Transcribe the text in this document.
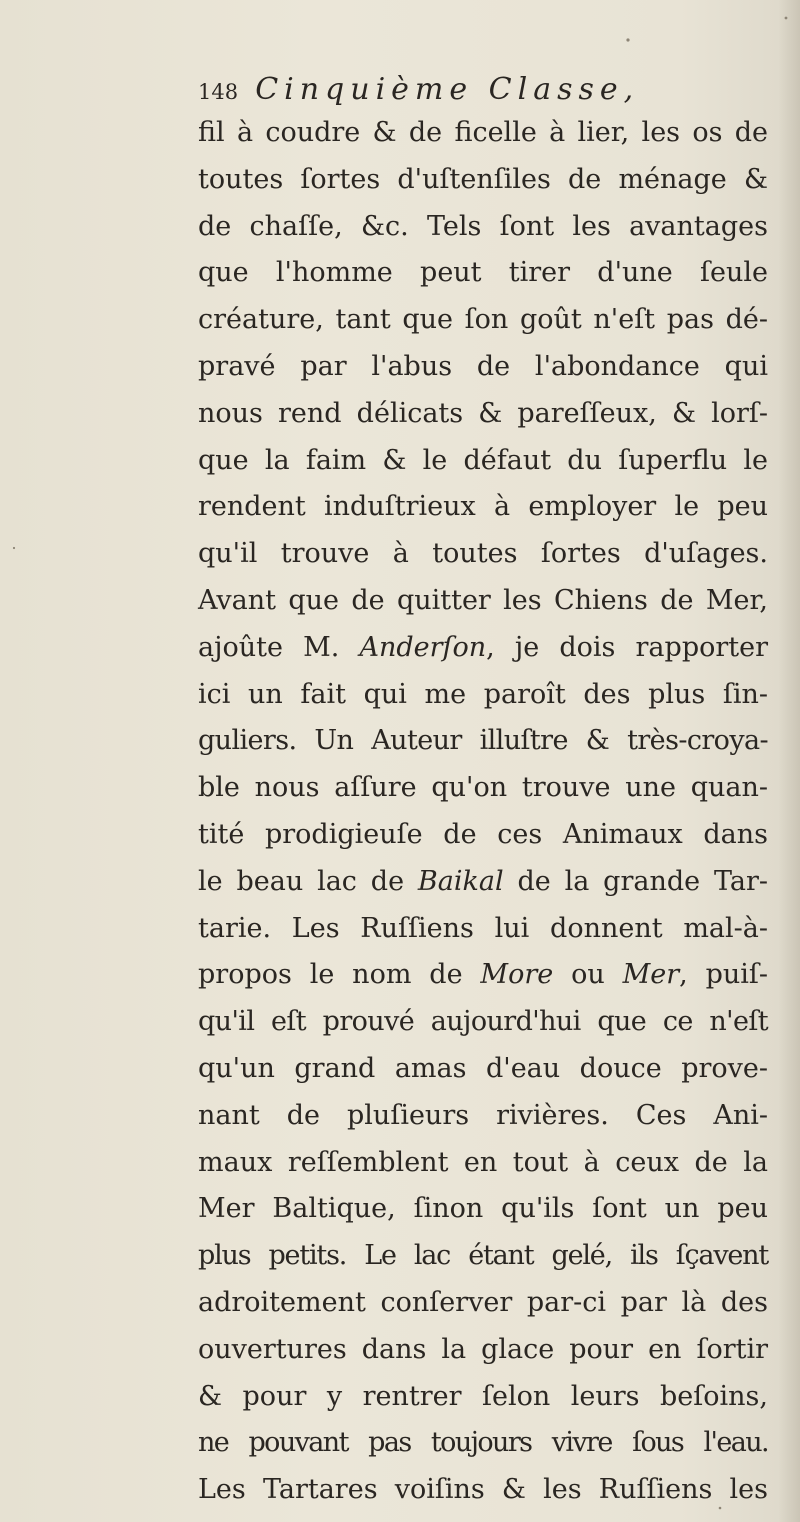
148 Cinquième Classe,
fil à coudre & de ficelle à lier, les os de
toutes ſortes d'uſtenſiles de ménage &
de chaſſe, &c. Tels ſont les avantages
que l'homme peut tirer d'une ſeule
créature, tant que ſon goût n'eſt pas dé-
pravé par l'abus de l'abondance qui
nous rend délicats & pareſſeux, & lorſ-
que la faim & le défaut du ſuperflu le
rendent induſtrieux à employer le peu
qu'il trouve à toutes ſortes d'uſages.
Avant que de quitter les Chiens de Mer,
ajoûte M. Anderſon, je dois rapporter
ici un fait qui me paroît des plus ſin-
guliers. Un Auteur illuſtre & très-croya-
ble nous aſſure qu'on trouve une quan-
tité prodigieuſe de ces Animaux dans
le beau lac de Baikal de la grande Tar-
tarie. Les Ruſſiens lui donnent mal-à-
propos le nom de More ou Mer, puiſ-
qu'il eſt prouvé aujourd'hui que ce n'eſt
qu'un grand amas d'eau douce prove-
nant de pluſieurs rivières. Ces Ani-
maux reſſemblent en tout à ceux de la
Mer Baltique, ſinon qu'ils ſont un peu
plus petits. Le lac étant gelé, ils ſçavent
adroitement conſerver par-ci par là des
ouvertures dans la glace pour en ſortir
& pour y rentrer ſelon leurs beſoins,
ne pouvant pas toujours vivre ſous l'eau.
Les Tartares voiſins & les Ruſſiens les
